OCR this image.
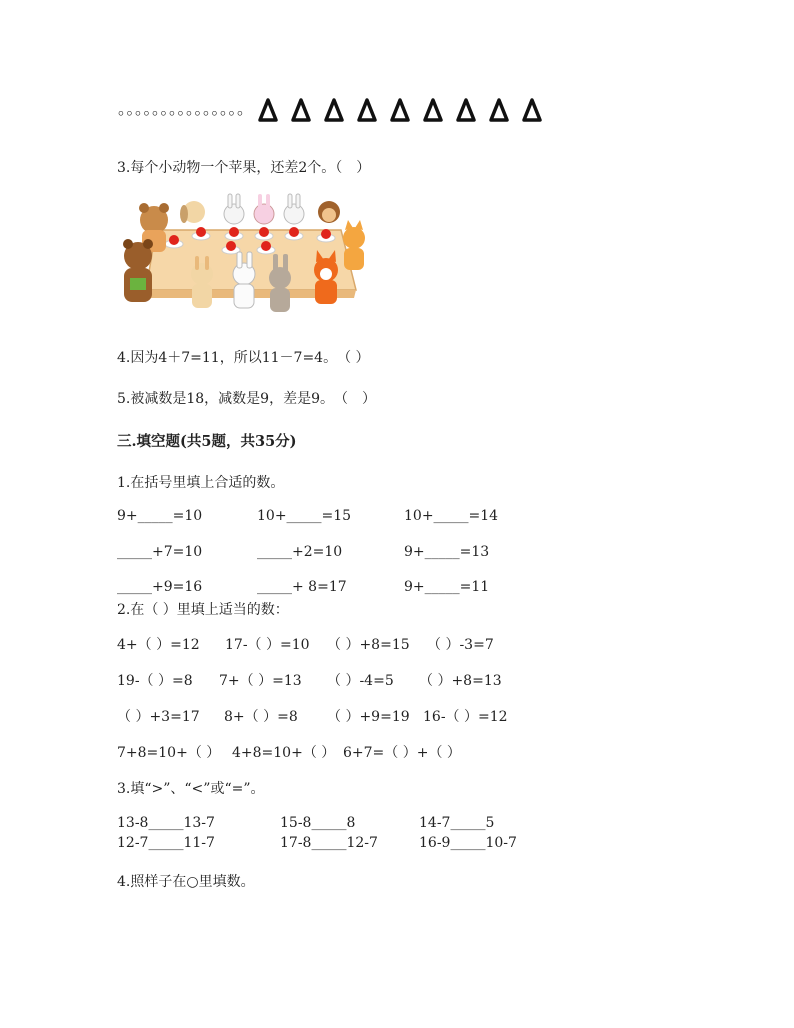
。。。。。。。。。。。。。。。
3.每个小动物一个苹果，还差2个。（　）
4.因为4＋7=11，所以11－7=4。　（ ）
5.被减数是18，减数是9，差是9。　（　）
三.填空题(共5题，共35分)
1.在括号里填上合适的数。
9+_____=10	10+_____=15	10+_____=14
_____+7=10	_____+2=10	9+_____=13
_____+9=16	_____+ 8=17	9+_____=11
2.在（ ）里填上适当的数：
4+（ ）=12 17-（ ）=10 （ ）+8=15 （ ）-3=7
19-（ ）=8 7+（ ）=13 （ ）-4=5 （ ）+8=13
（ ）+3=17 8+（ ）=8 （ ）+9=19 16-（ ）=12
7+8=10+（ ） 4+8=10+（ ） 6+7=（ ）+（ ）
3.填“>”、“<”或“=”。
13-8_____13-7	15-8_____8	14-7_____5
12-7_____11-7	17-8_____12-7	16-9_____10-7
4.照样子在○里填数。
